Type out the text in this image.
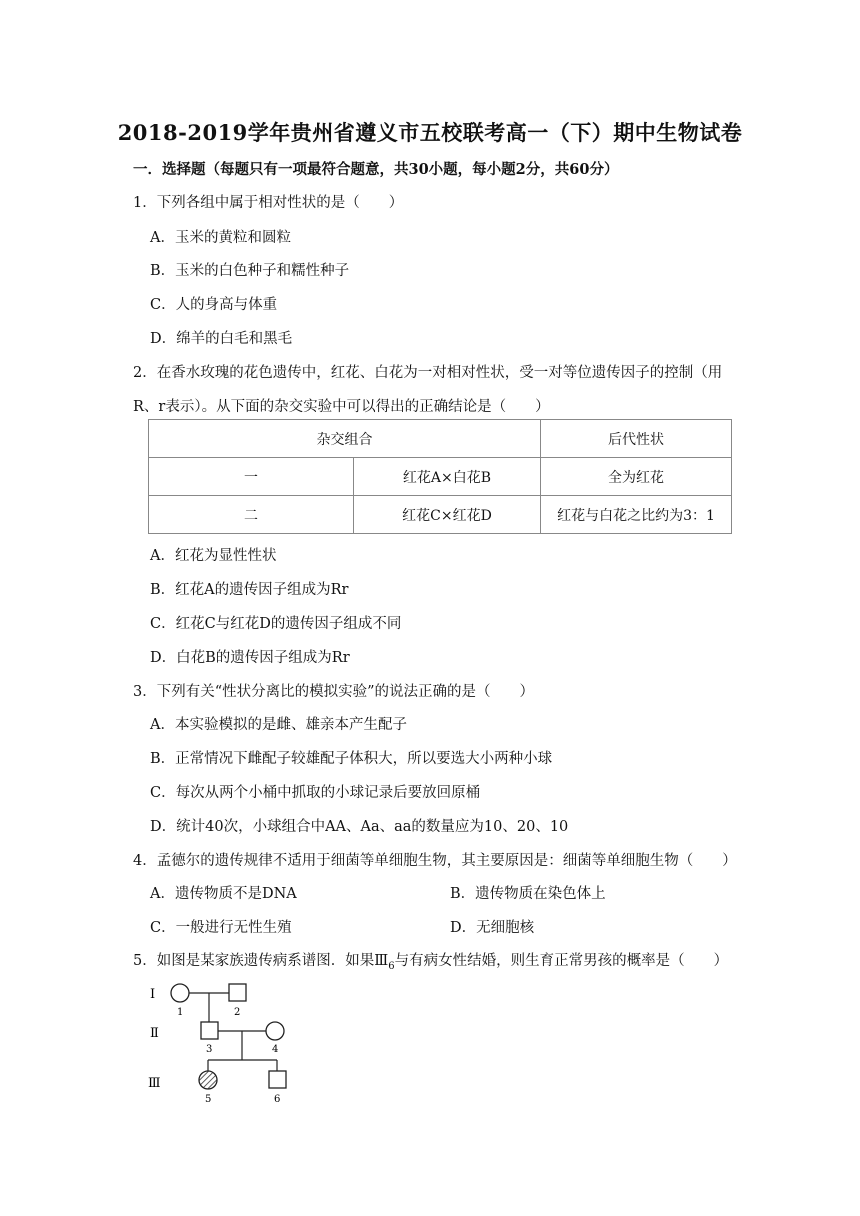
2018-2019学年贵州省遵义市五校联考高一（下）期中生物试卷
一．选择题（每题只有一项最符合题意，共30小题，每小题2分，共60分）
1．下列各组中属于相对性状的是（　　）
A．玉米的黄粒和圆粒
B．玉米的白色种子和糯性种子
C．人的身高与体重
D．绵羊的白毛和黑毛
2．在香水玫瑰的花色遗传中，红花、白花为一对相对性状，受一对等位遗传因子的控制（用
R、r表示）。从下面的杂交实验中可以得出的正确结论是（　　）
杂交组合		后代性状
一	红花A×白花B	全为红花
二	红花C×红花D	红花与白花之比约为3：1
A．红花为显性性状
B．红花A的遗传因子组成为Rr
C．红花C与红花D的遗传因子组成不同
D．白花B的遗传因子组成为Rr
3．下列有关“性状分离比的模拟实验”的说法正确的是（　　）
A．本实验模拟的是雌、雄亲本产生配子
B．正常情况下雌配子较雄配子体积大，所以要选大小两种小球
C．每次从两个小桶中抓取的小球记录后要放回原桶
D．统计40次，小球组合中AA、Aa、aa的数量应为10、20、10
4．孟德尔的遗传规律不适用于细菌等单细胞生物，其主要原因是：细菌等单细胞生物（　　）
A．遗传物质不是DNA	B．遗传物质在染色体上
C．一般进行无性生殖	D．无细胞核
5．如图是某家族遗传病系谱图．如果$Ⅲ_6$与有病女性结婚，则生育正常男孩的概率是（　　）
Ⅰ
Ⅱ
Ⅲ
1	2
3	4
5	6
